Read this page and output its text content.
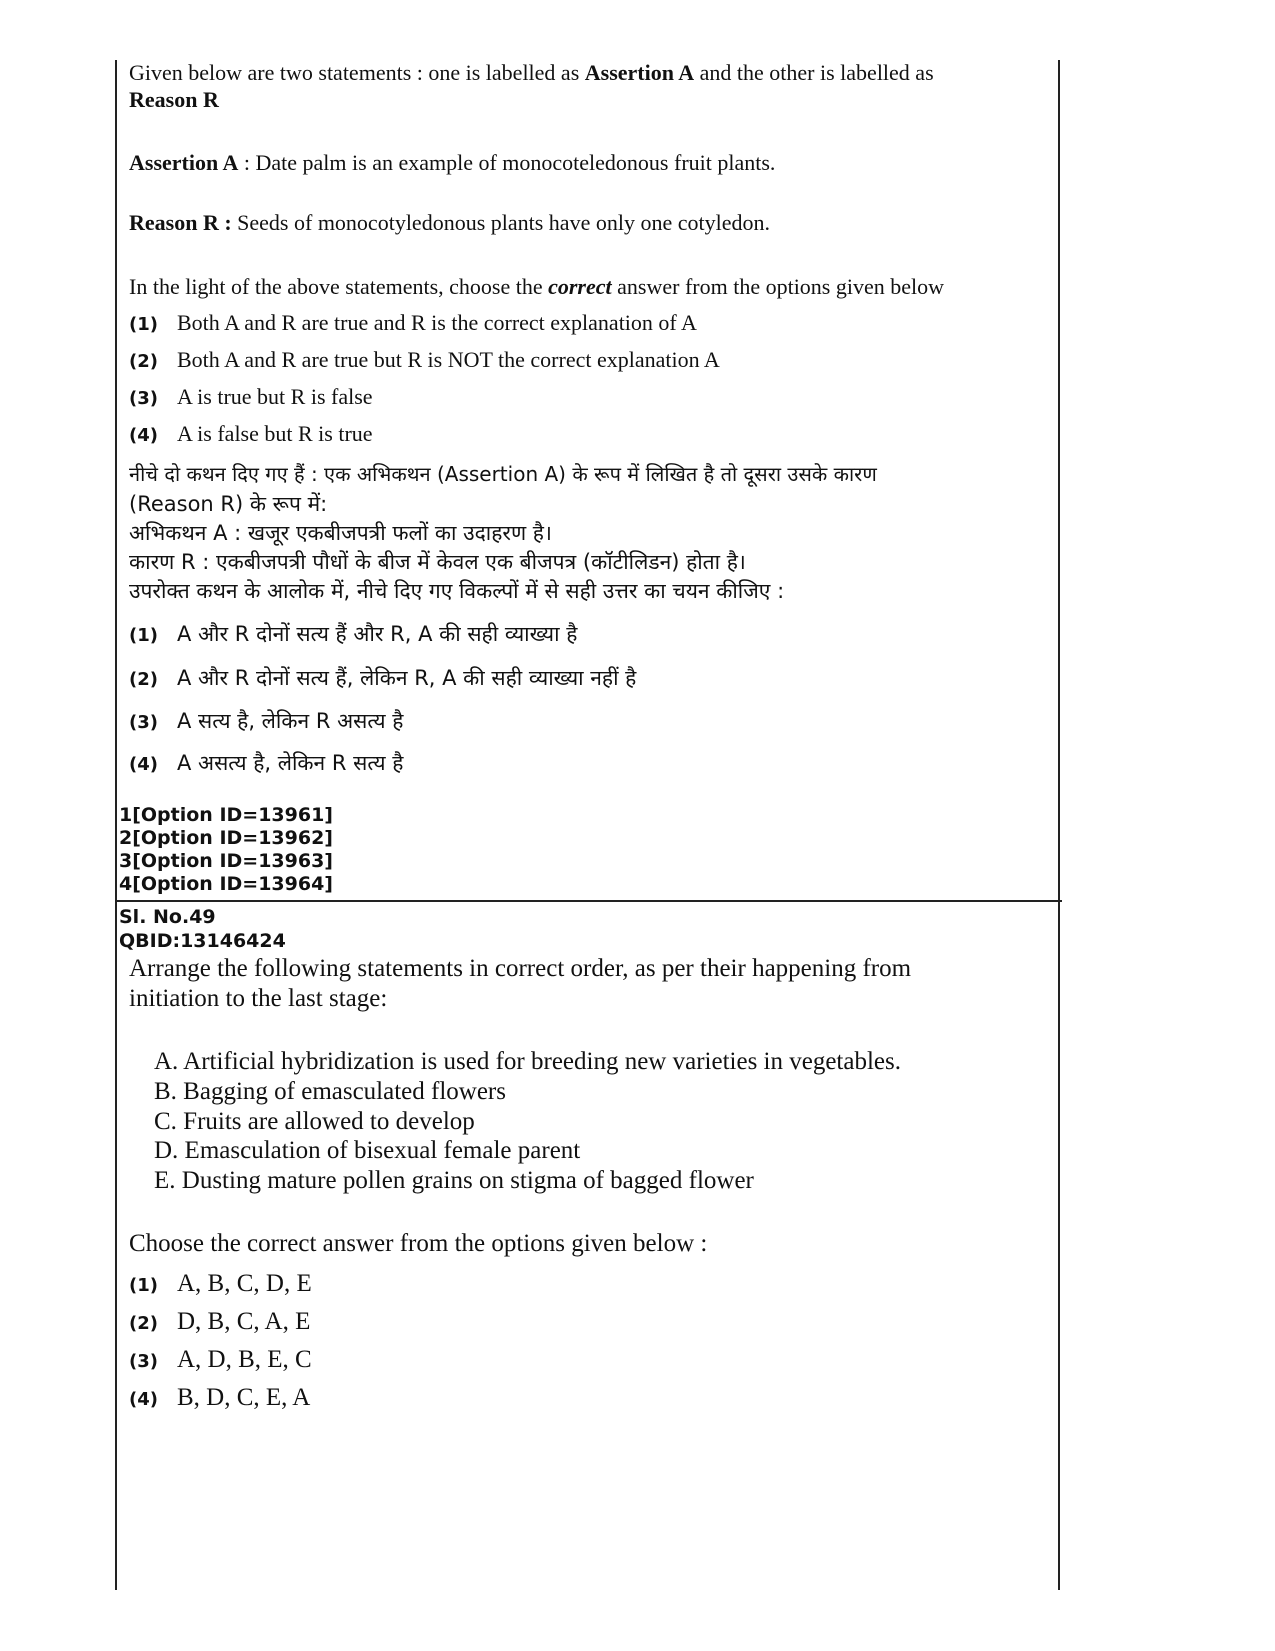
Given below are two statements : one is labelled as Assertion A and the other is labelled as
Reason R
Assertion A : Date palm is an example of monocoteledonous fruit plants.
Reason R : Seeds of monocotyledonous plants have only one cotyledon.
In the light of the above statements, choose the correct answer from the options given below
(1) Both A and R are true and R is the correct explanation of A
(2) Both A and R are true but R is NOT the correct explanation A
(3) A is true but R is false
(4) A is false but R is true
नीचे दो कथन दिए गए हैं : एक अभिकथन (Assertion A) के रूप में लिखित है तो दूसरा उसके कारण
(Reason R) के रूप में:
अभिकथन A : खजूर एकबीजपत्री फलों का उदाहरण है।
कारण R : एकबीजपत्री पौधों के बीज में केवल एक बीजपत्र (कॉटीलिडन) होता है।
उपरोक्त कथन के आलोक में, नीचे दिए गए विकल्पों में से सही उत्तर का चयन कीजिए :
(1) A और R दोनों सत्य हैं और R, A की सही व्याख्या है
(2) A और R दोनों सत्य हैं, लेकिन R, A की सही व्याख्या नहीं है
(3) A सत्य है, लेकिन R असत्य है
(4) A असत्य है, लेकिन R सत्य है
1[Option ID=13961]
2[Option ID=13962]
3[Option ID=13963]
4[Option ID=13964]
Sl. No.49
QBID:13146424
Arrange the following statements in correct order, as per their happening from
initiation to the last stage:
A. Artificial hybridization is used for breeding new varieties in vegetables.
B. Bagging of emasculated flowers
C. Fruits are allowed to develop
D. Emasculation of bisexual female parent
E. Dusting mature pollen grains on stigma of bagged flower
Choose the correct answer from the options given below :
(1) A, B, C, D, E
(2) D, B, C, A, E
(3) A, D, B, E, C
(4) B, D, C, E, A
